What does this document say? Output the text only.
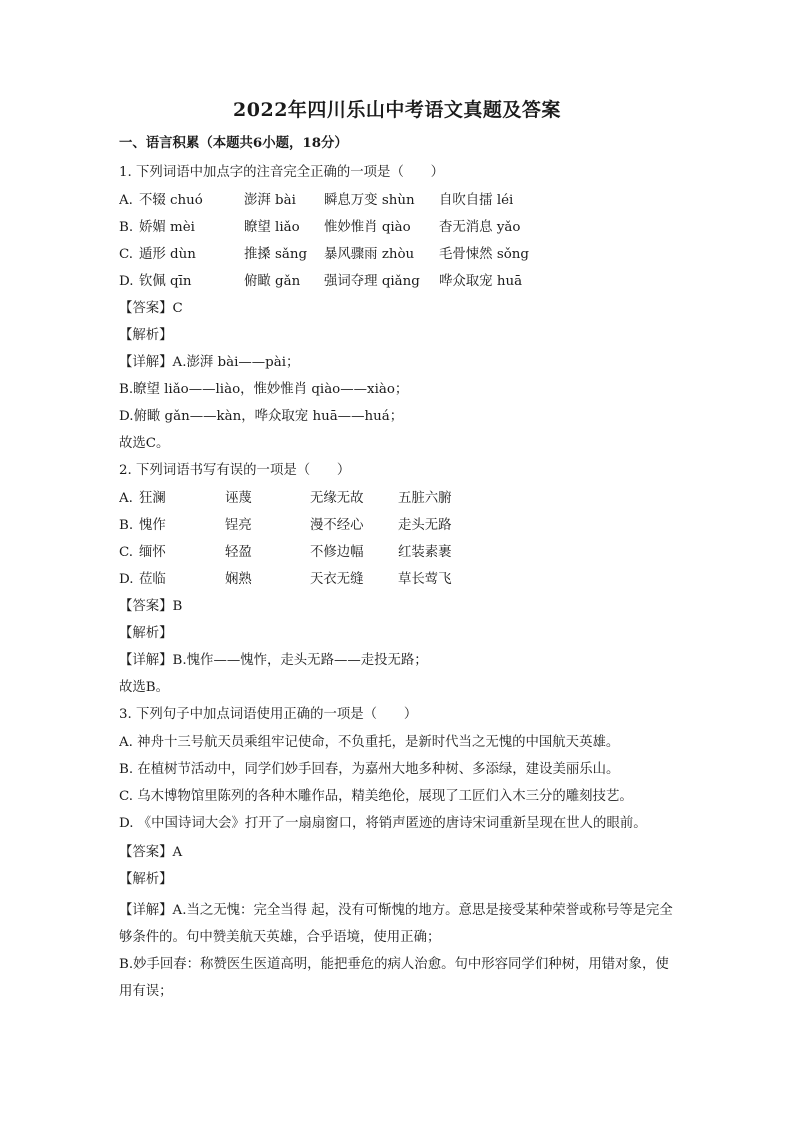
2022年四川乐山中考语文真题及答案
一、语言积累（本题共6小题，18分）
1. 下列词语中加点字的注音完全正确的一项是（　　）
A. 不辍 chuó	澎湃 bài 瞬息万变 shùn 自吹自擂 léi
B. 娇媚 mèi	瞭望 liǎo 惟妙惟肖 qiào 杳无消息 yǎo
C. 遁形 dùn	推搡 sǎng 暴风骤雨 zhòu 毛骨悚然 sǒng
D. 钦佩 qīn	俯瞰 gǎn 强词夺理 qiǎng 哗众取宠 huā
【答案】C
【解析】
【详解】A.澎湃 bài——pài；
B.瞭望 liǎo——liào，惟妙惟肖 qiào——xiào；
D.俯瞰 gǎn——kàn，哗众取宠 huā——huá；
故选C。
2. 下列词语书写有误的一项是（　　）
A. 狂澜	诬蔑	无缘无故	五脏六腑
B. 愧作	锃亮	漫不经心	走头无路
C. 缅怀	轻盈	不修边幅	红装素裹
D. 莅临	娴熟	天衣无缝	草长莺飞
【答案】B
【解析】
【详解】B.愧作——愧怍，走头无路——走投无路；
故选B。
3. 下列句子中加点词语使用正确的一项是（　　）
A. 神舟十三号航天员乘组牢记使命，不负重托，是新时代当之无愧的中国航天英雄。
B. 在植树节活动中，同学们妙手回春，为嘉州大地多种树、多添绿，建设美丽乐山。
C. 乌木博物馆里陈列的各种木雕作品，精美绝伦，展现了工匠们入木三分的雕刻技艺。
D. 《中国诗词大会》打开了一扇扇窗口，将销声匿迹的唐诗宋词重新呈现在世人的眼前。
【答案】A
【解析】
【详解】A.当之无愧：完全当得 起，没有可惭愧的地方。意思是接受某种荣誉或称号等是完全够条件的。句中赞美航天英雄，合乎语境，使用正确；
B.妙手回春：称赞医生医道高明，能把垂危的病人治愈。句中形容同学们种树，用错对象，使用有误；
